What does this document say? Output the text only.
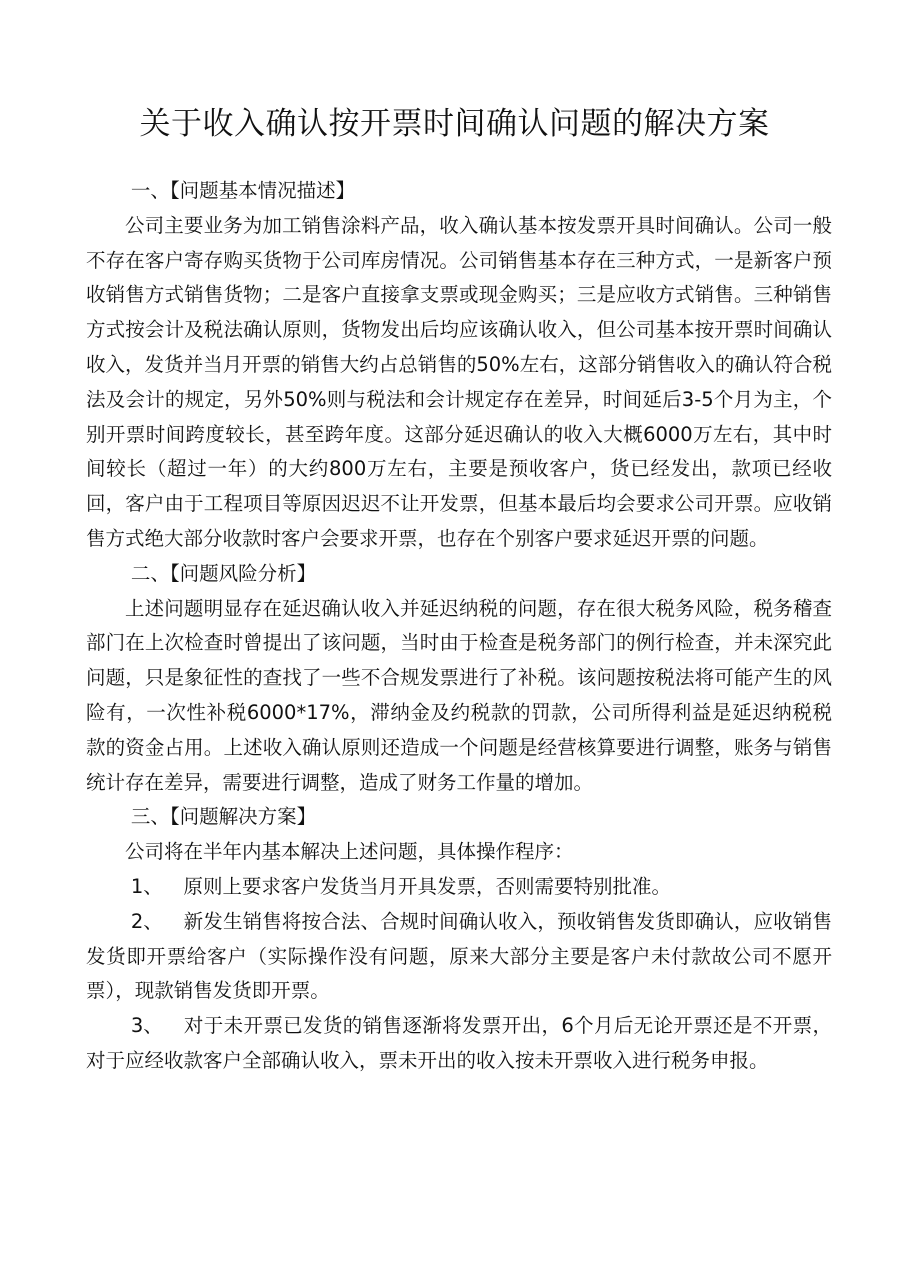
关于收入确认按开票时间确认问题的解决方案

一、【问题基本情况描述】

公司主要业务为加工销售涂料产品，收入确认基本按发票开具时间确认。公司一般不存在客户寄存购买货物于公司库房情况。公司销售基本存在三种方式，一是新客户预收销售方式销售货物；二是客户直接拿支票或现金购买；三是应收方式销售。三种销售方式按会计及税法确认原则，货物发出后均应该确认收入，但公司基本按开票时间确认收入，发货并当月开票的销售大约占总销售的50%左右，这部分销售收入的确认符合税法及会计的规定，另外50%则与税法和会计规定存在差异，时间延后3-5个月为主，个别开票时间跨度较长，甚至跨年度。这部分延迟确认的收入大概6000万左右，其中时间较长（超过一年）的大约800万左右，主要是预收客户，货已经发出，款项已经收回，客户由于工程项目等原因迟迟不让开发票，但基本最后均会要求公司开票。应收销售方式绝大部分收款时客户会要求开票，也存在个别客户要求延迟开票的问题。

二、【问题风险分析】

上述问题明显存在延迟确认收入并延迟纳税的问题，存在很大税务风险，税务稽查部门在上次检查时曾提出了该问题，当时由于检查是税务部门的例行检查，并未深究此问题，只是象征性的查找了一些不合规发票进行了补税。该问题按税法将可能产生的风险有，一次性补税6000*17%，滞纳金及约税款的罚款，公司所得利益是延迟纳税税款的资金占用。上述收入确认原则还造成一个问题是经营核算要进行调整，账务与销售统计存在差异，需要进行调整，造成了财务工作量的增加。

三、【问题解决方案】

公司将在半年内基本解决上述问题，具体操作程序：

1、 原则上要求客户发货当月开具发票，否则需要特别批准。

2、 新发生销售将按合法、合规时间确认收入，预收销售发货即确认，应收销售发货即开票给客户（实际操作没有问题，原来大部分主要是客户未付款故公司不愿开票），现款销售发货即开票。

3、 对于未开票已发货的销售逐渐将发票开出，6个月后无论开票还是不开票，对于应经收款客户全部确认收入，票未开出的收入按未开票收入进行税务申报。
